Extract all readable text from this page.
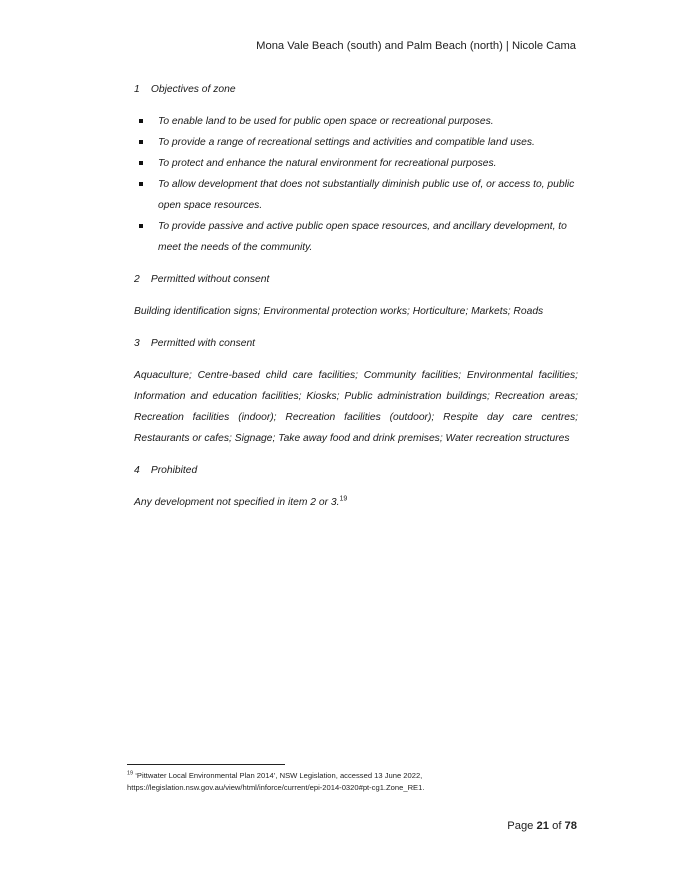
Mona Vale Beach (south) and Palm Beach (north) | Nicole Cama

1 Objectives of zone

To enable land to be used for public open space or recreational purposes.
To provide a range of recreational settings and activities and compatible land uses.
To protect and enhance the natural environment for recreational purposes.
To allow development that does not substantially diminish public use of, or access to, public open space resources.
To provide passive and active public open space resources, and ancillary development, to meet the needs of the community.

2 Permitted without consent

Building identification signs; Environmental protection works; Horticulture; Markets; Roads

3 Permitted with consent

Aquaculture; Centre-based child care facilities; Community facilities; Environmental facilities; Information and education facilities; Kiosks; Public administration buildings; Recreation areas; Recreation facilities (indoor); Recreation facilities (outdoor); Respite day care centres; Restaurants or cafes; Signage; Take away food and drink premises; Water recreation structures

4 Prohibited

Any development not specified in item 2 or 3.19

$^{19}$ ‘Pittwater Local Environmental Plan 2014’, NSW Legislation, accessed 13 June 2022,
https://legislation.nsw.gov.au/view/html/inforce/current/epi-2014-0320#pt-cg1.Zone_RE1.
Page 21 of 78
